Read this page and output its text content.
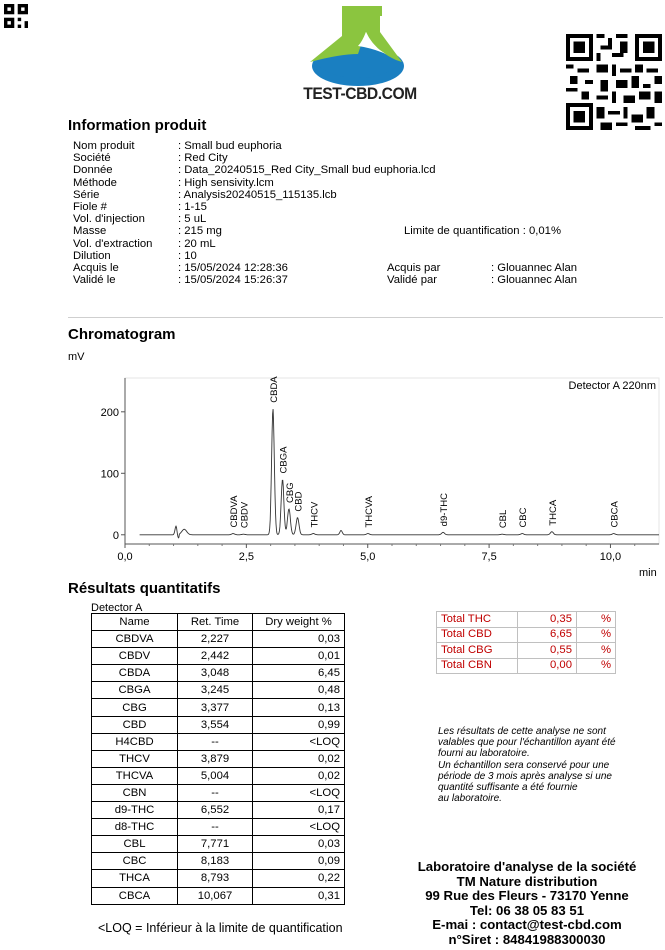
TEST-CBD.COM
Information produit
Nom produit	: Small bud euphoria
Société	: Red City
Donnée	: Data_20240515_Red City_Small bud euphoria.lcd
Méthode	: High sensivity.lcm
Série	: Analysis20240515_115135.lcb
Fiole #	: 1-15
Vol. d'injection	: 5 uL
Masse	: 215 mg	Limite de quantification : 0,01%
Vol. d'extraction : 20 mL
Dilution	: 10
Acquis le	: 15/05/2024 12:28:36	Acquis par	: Glouannec Alan
Validé le	: 15/05/2024 15:26:37	Validé par	: Glouannec Alan
Chromatogram
0,0	2,5	5,0	7,5	10,0
0
100
200
mV
min
Detector A 220nm
CBDVA CBDV
CBDA
CBGA
CBG
CBD
THCV	THCVA	d9-THC	CBL CBC THCA	CBCA
Résultats quantitatifs
Detector A
Name	Ret. Time	Dry weight %
CBDVA	2,227	0,03
CBDV	2,442	0,01
CBDA	3,048	6,45
CBGA	3,245	0,48
CBG	3,377	0,13
CBD	3,554	0,99
H4CBD	--	<LOQ
THCV	3,879	0,02
THCVA	5,004	0,02
CBN	--	<LOQ
d9-THC	6,552	0,17
d8-THC	--	<LOQ
CBL	7,771	0,03
CBC	8,183	0,09
THCA	8,793	0,22
CBCA	10,067	0,31
<LOQ = Inférieur à la limite de quantification
Total THC	0,35	%
Total CBD	6,65	%
Total CBG	0,55	%
Total CBN	0,00	%
Les résultats de cette analyse ne sont
valables que pour l'échantillon ayant été
fourni au laboratoire.
Un échantillon sera conservé pour une
période de 3 mois après analyse si une
quantité suffisante a été fournie
au laboratoire.
Laboratoire d'analyse de la société
TM Nature distribution
99 Rue des Fleurs - 73170 Yenne
Tel: 06 38 05 83 51
E-mai : contact@test-cbd.com
n°Siret : 84841988300030
